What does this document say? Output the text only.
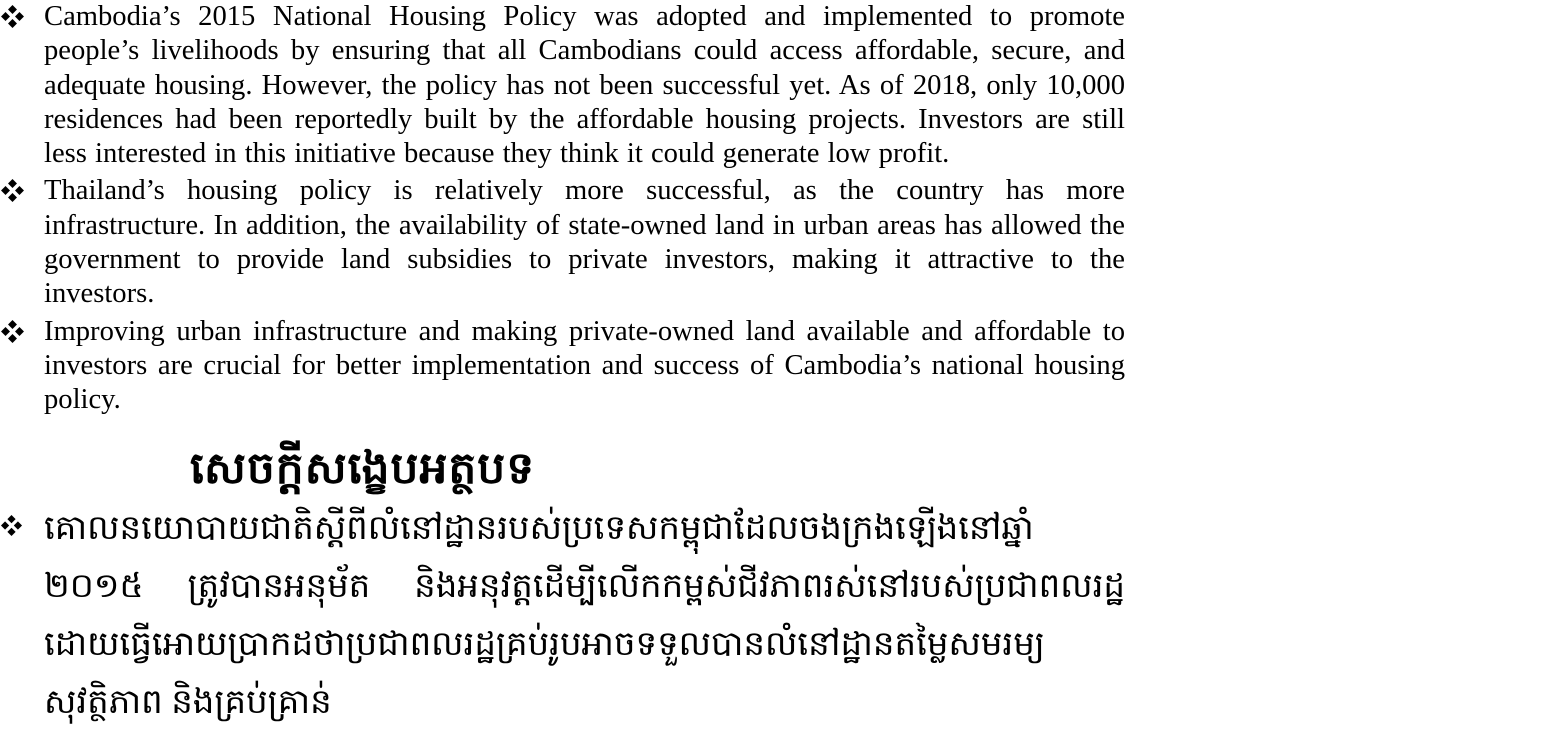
Cambodia’s 2015 National Housing Policy was adopted and implemented to promote people’s livelihoods by ensuring that all Cambodians could access affordable, secure, and adequate housing. However, the policy has not been successful yet. As of 2018, only 10,000 residences had been reportedly built by the affordable housing projects. Investors are still less interested in this initiative because they think it could generate low profit.
Thailand’s housing policy is relatively more successful, as the country has more infrastructure. In addition, the availability of state-owned land in urban areas has allowed the government to provide land subsidies to private investors, making it attractive to the investors.
Improving urban infrastructure and making private-owned land available and affordable to investors are crucial for better implementation and success of Cambodia’s national housing policy.
សេចក្តីសង្ខេបអត្ថបទ
គោលនយោបាយជាតិស្តីពីលំនៅដ្ឋានរបស់ប្រទេសកម្ពុជាដែលចងក្រងឡើងនៅឆ្នាំ ២០១៥ ត្រូវបានអនុម័ត និងអនុវត្តដើម្បីលើកកម្ពស់ជីវភាពរស់នៅរបស់ប្រជាពលរដ្ឋ ដោយធ្វើអោយប្រាកដថាប្រជាពលរដ្ឋគ្រប់រូបអាចទទួលបានលំនៅដ្ឋានតម្លៃសមរម្យ សុវត្ថិភាព និងគ្រប់គ្រាន់
